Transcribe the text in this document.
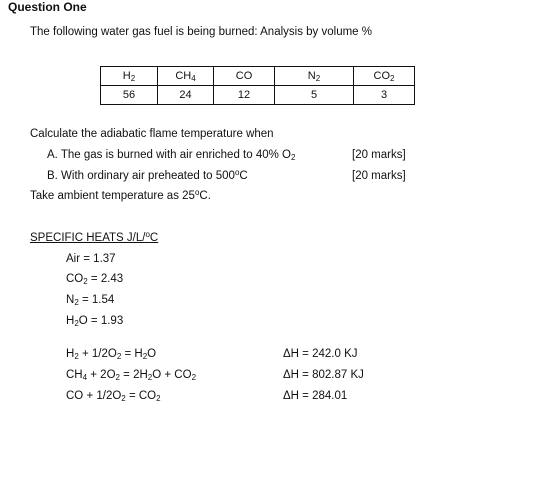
Question One
The following water gas fuel is being burned: Analysis by volume %
$H_2$	$CH_4$	CO	$N_2$	$CO_2$
56	24	12	5	3
Calculate the adiabatic flame temperature when
A. The gas is burned with air enriched to 40% $O_2$	[20 marks]
B. With ordinary air preheated to 500$^o$C	[20 marks]
Take ambient temperature as 25$^o$C.
SPECIFIC HEATS J/L/$^o$C
Air = 1.37
$CO_2 = 2.43$
$N_2 = 1.54$
$H_2O = 1.93$
$H_2 + 1/2O_2 = H_2O$	ΔH = 242.0 KJ
$CH_4 + 2O_2 = 2H_2O + CO_2$	ΔH = 802.87 KJ
CO + $1/2O_2 = CO_2$	ΔH = 284.01
